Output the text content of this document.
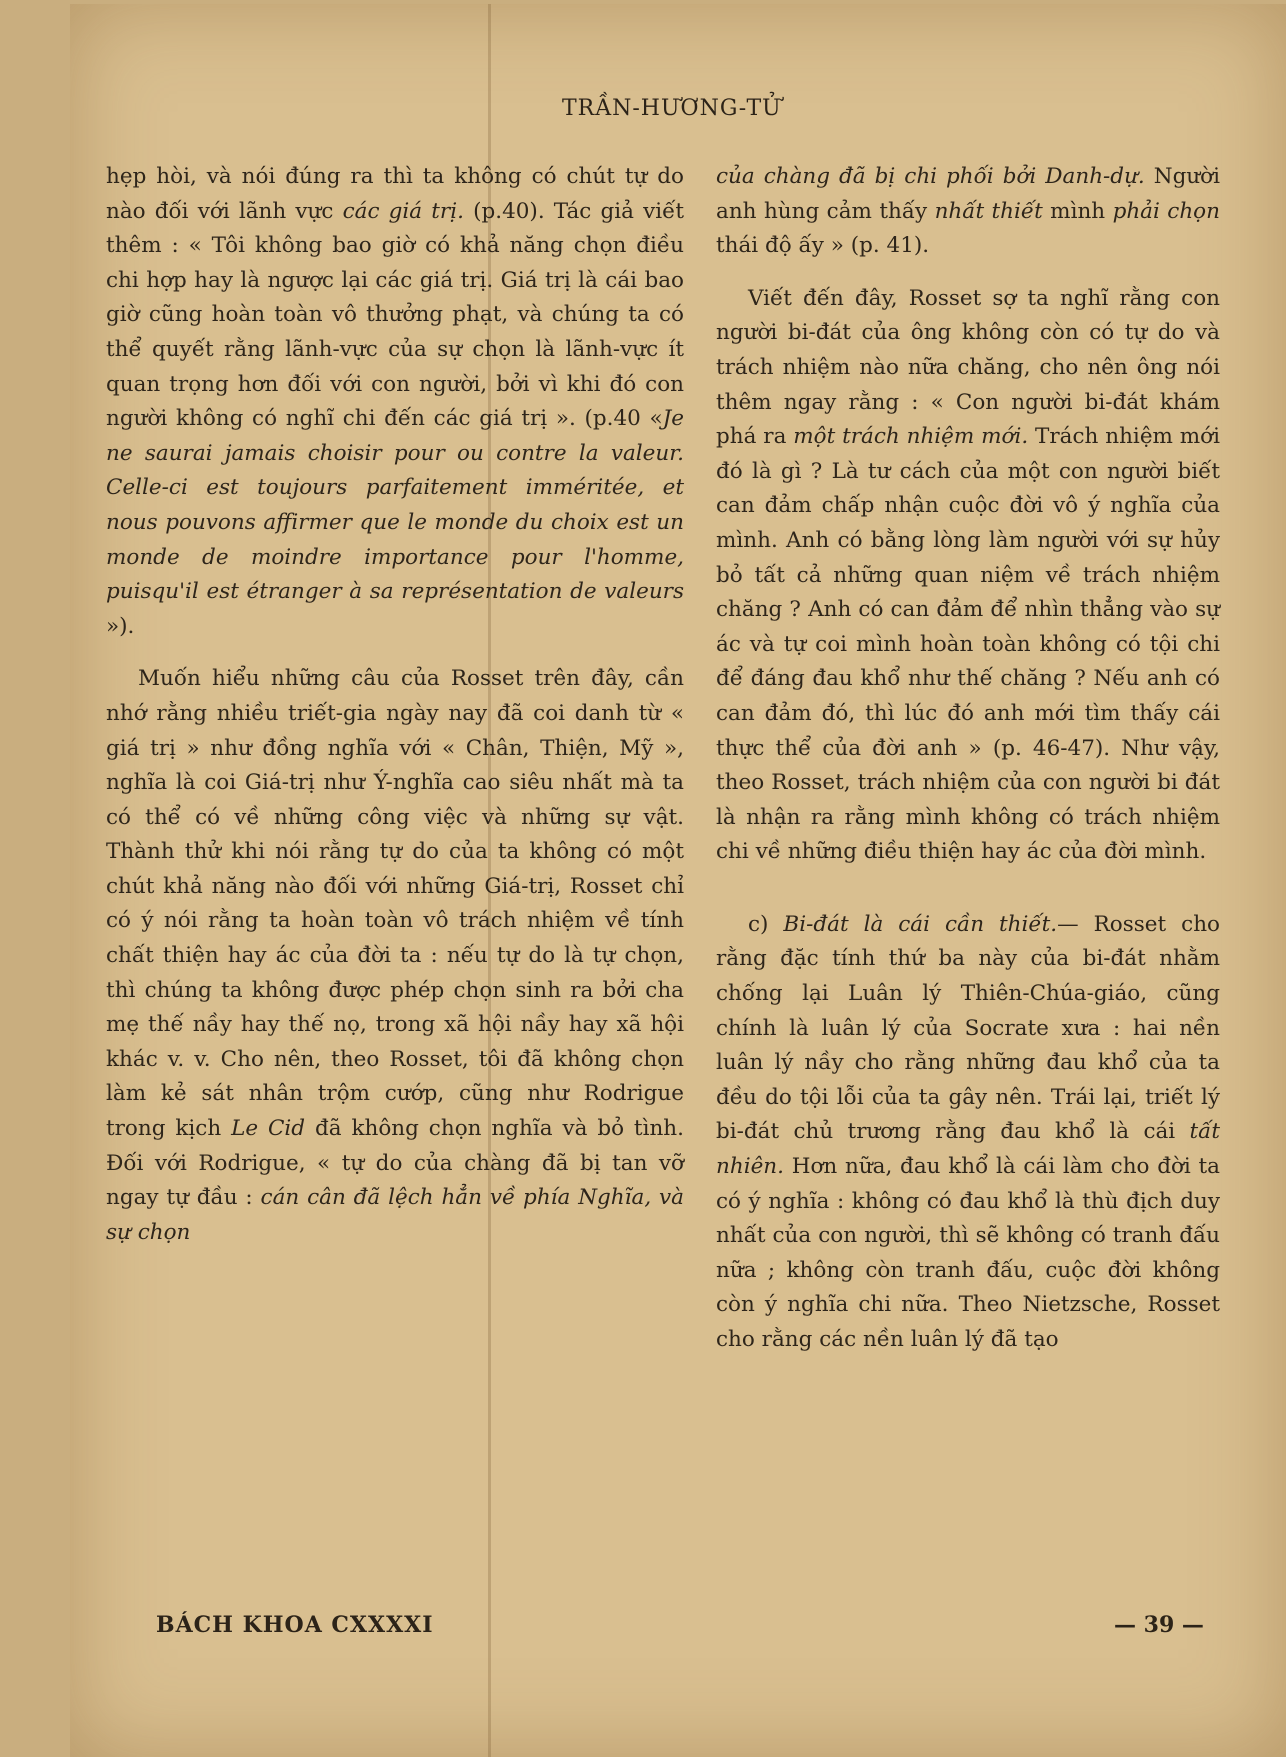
TRẦN-HƯƠNG-TỬ

hẹp hòi, và nói đúng ra thì ta không có chút tự do nào đối với lãnh vực các giá trị. (p.40). Tác giả viết thêm : « Tôi không bao giờ có khả năng chọn điều chi hợp hay là ngược lại các giá trị. Giá trị là cái bao giờ cũng hoàn toàn vô thưởng phạt, và chúng ta có thể quyết rằng lãnh-vực của sự chọn là lãnh-vực ít quan trọng hơn đối với con người, bởi vì khi đó con người không có nghĩ chi đến các giá trị ». (p.40 «Je ne saurai jamais choisir pour ou contre la valeur. Celle-ci est toujours parfaitement imméritée, et nous pouvons affirmer que le monde du choix est un monde de moindre importance pour l'homme, puisqu'il est étranger à sa représentation de valeurs »).

Muốn hiểu những câu của Rosset trên đây, cần nhớ rằng nhiều triết-gia ngày nay đã coi danh từ « giá trị » như đồng nghĩa với « Chân, Thiện, Mỹ », nghĩa là coi Giá-trị như Ý-nghĩa cao siêu nhất mà ta có thể có về những công việc và những sự vật. Thành thử khi nói rằng tự do của ta không có một chút khả năng nào đối với những Giá-trị, Rosset chỉ có ý nói rằng ta hoàn toàn vô trách nhiệm về tính chất thiện hay ác của đời ta : nếu tự do là tự chọn, thì chúng ta không được phép chọn sinh ra bởi cha mẹ thế nầy hay thế nọ, trong xã hội nầy hay xã hội khác v. v. Cho nên, theo Rosset, tôi đã không chọn làm kẻ sát nhân trộm cướp, cũng như Rodrigue trong kịch Le Cid đã không chọn nghĩa và bỏ tình. Đối với Rodrigue, « tự do của chàng đã bị tan vỡ ngay tự đầu : cán cân đã lệch hẳn về phía Nghĩa, và sự chọn

của chàng đã bị chi phối bởi Danh-dự. Người anh hùng cảm thấy nhất thiết mình phải chọn thái độ ấy » (p. 41).

Viết đến đây, Rosset sợ ta nghĩ rằng con người bi-đát của ông không còn có tự do và trách nhiệm nào nữa chăng, cho nên ông nói thêm ngay rằng : « Con người bi-đát khám phá ra một trách nhiệm mới. Trách nhiệm mới đó là gì ? Là tư cách của một con người biết can đảm chấp nhận cuộc đời vô ý nghĩa của mình. Anh có bằng lòng làm người với sự hủy bỏ tất cả những quan niệm về trách nhiệm chăng ? Anh có can đảm để nhìn thẳng vào sự ác và tự coi mình hoàn toàn không có tội chi để đáng đau khổ như thế chăng ? Nếu anh có can đảm đó, thì lúc đó anh mới tìm thấy cái thực thể của đời anh » (p. 46-47). Như vậy, theo Rosset, trách nhiệm của con người bi đát là nhận ra rằng mình không có trách nhiệm chi về những điều thiện hay ác của đời mình.

c) Bi-đát là cái cần thiết.— Rosset cho rằng đặc tính thứ ba này của bi-đát nhằm chống lại Luân lý Thiên-Chúa-giáo, cũng chính là luân lý của Socrate xưa : hai nền luân lý nầy cho rằng những đau khổ của ta đều do tội lỗi của ta gây nên. Trái lại, triết lý bi-đát chủ trương rằng đau khổ là cái tất nhiên. Hơn nữa, đau khổ là cái làm cho đời ta có ý nghĩa : không có đau khổ là thù địch duy nhất của con người, thì sẽ không có tranh đấu nữa ; không còn tranh đấu, cuộc đời không còn ý nghĩa chi nữa. Theo Nietzsche, Rosset cho rằng các nền luân lý đã tạo

BÁCH KHOA CXXXXI	— 39 —
